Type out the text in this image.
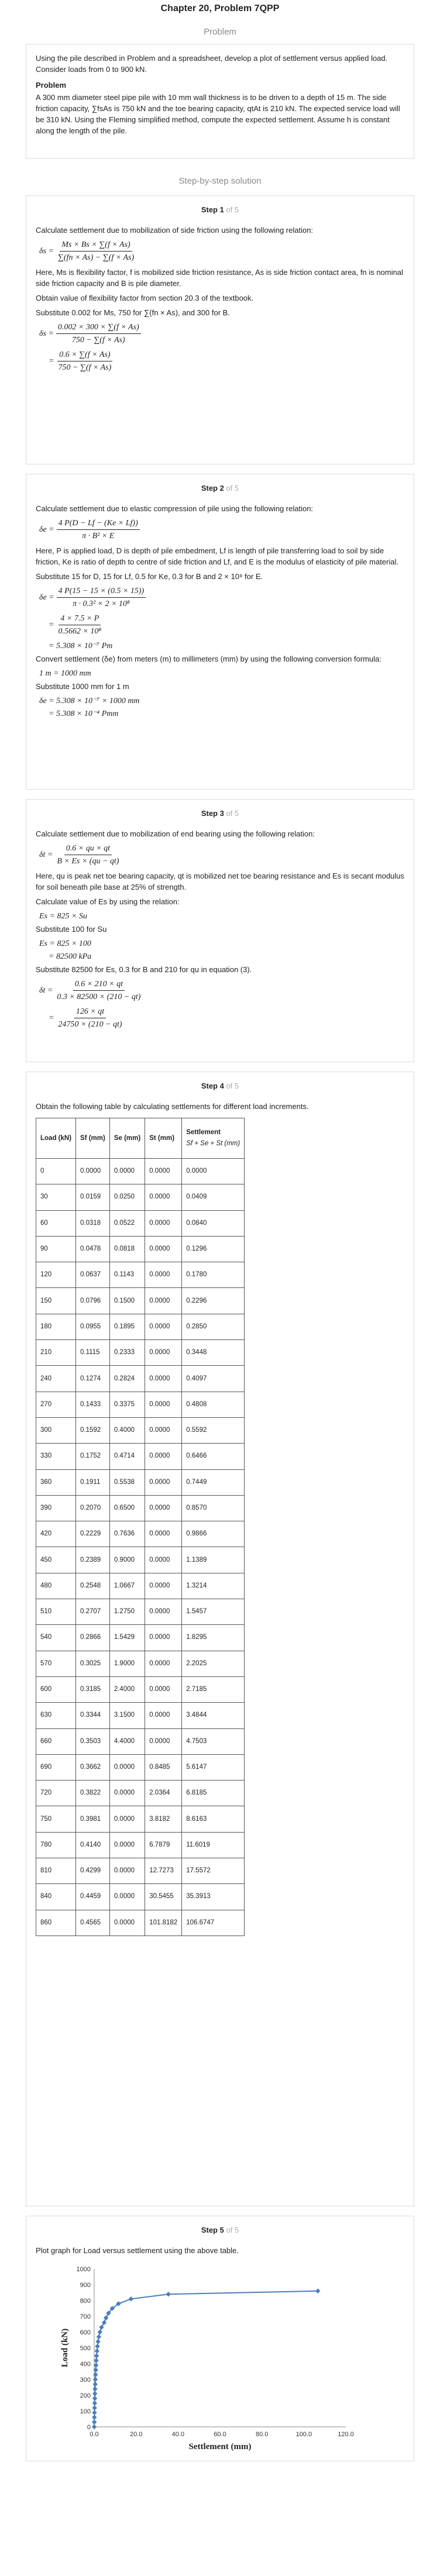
Chapter 20, Problem 7QPP
Problem

Using the pile described in Problem and a spreadsheet, develop a plot of settlement versus applied load. Consider loads from 0 to 900 kN.

Problem

A 300 mm diameter steel pipe pile with 10 mm wall thickness is to be driven to a depth of 15 m. The side friction capacity, ∑fsAs is 750 kN and the toe bearing capacity, qtAt is 210 kN. The expected service load will be 310 kN. Using the Fleming simplified method, compute the expected settlement. Assume h is constant along the length of the pile.

Step-by-step solution
Step 1 of 5

Calculate settlement due to mobilization of side friction using the following relation:

$\delta s = \frac{Ms \times Bs \times \sum(f \times As)}{\sum(fn \times As) - \sum(f \times As)}$

Here, Ms is flexibility factor, f is mobilized side friction resistance, As is side friction contact area, fn is nominal side friction capacity and B is pile diameter.

Obtain value of flexibility factor from section 20.3 of the textbook.

Substitute 0.002 for Ms, 750 for ∑(fn × As), and 300 for B.

$\delta s = \frac{0.002 \times 300 \times \sum(f \times As)}{750 - \sum(f \times As)}$
= $\frac{0.6 \times \sum(f \times As)}{750 - \sum(f \times As)}$
Step 2 of 5

Calculate settlement due to elastic compression of pile using the following relation:

$\delta e = \frac{4 P(D - Lf - (Ke \times Lf))}{\text{π · B² × E}}$

Here, P is applied load, D is depth of pile embedment, Lf is length of pile transferring load to soil by side friction, Ke is ratio of depth to centre of side friction and Lf, and E is the modulus of elasticity of pile material.

Substitute 15 for D, 15 for Lf, 0.5 for Ke, 0.3 for B and 2 × 10⁸ for E.

$\delta e = \frac{4 P(15 - 15 \times (0.5 \times 15))}{\text{π · 0.3² × 2 × 10⁸}}$
= $\frac{4 \times 7.5 \times P}{\text{0.5662 × 10⁸}}$
= 5.308 × 10⁻⁷ Pm

Convert settlement (δe) from meters (m) to millimeters (mm) by using the following conversion formula:

1 m = 1000 mm

Substitute 1000 mm for 1 m

δe = 5.308 × 10⁻⁷ × 1000 mm
= 5.308 × 10⁻⁴ Pmm
Step 3 of 5

Calculate settlement due to mobilization of end bearing using the following relation:

$\delta t = \frac{0.6 \times qu \times qt}{B \times Es \times (qu - qt)}$

Here, qu is peak net toe bearing capacity, qt is mobilized net toe bearing resistance and Es is secant modulus for soil beneath pile base at 25% of strength.

Calculate value of Es by using the relation:

Es = 825 × Su

Substitute 100 for Su

Es = 825 × 100
= 82500 kPa

Substitute 82500 for Es, 0.3 for B and 210 for qu in equation (3).

$\delta t = \frac{0.6 \times 210 \times qt}{0.3 \times 82500 \times (210 - qt)}$
= $\frac{126 \times qt}{24750 \times (210 - qt)}$
Step 4 of 5

Obtain the following table by calculating settlements for different load increments.

Load (kN)	Sf (mm)	Se (mm)	St (mm)	Settlement
Sf + Se + St (mm)
0	0.0000	0.0000	0.0000	0.0000
30	0.0159	0.0250	0.0000	0.0409
60	0.0318	0.0522	0.0000	0.0840
90	0.0478	0.0818	0.0000	0.1296
120	0.0637	0.1143	0.0000	0.1780
150	0.0796	0.1500	0.0000	0.2296
180	0.0955	0.1895	0.0000	0.2850
210	0.1115	0.2333	0.0000	0.3448
240	0.1274	0.2824	0.0000	0.4097
270	0.1433	0.3375	0.0000	0.4808
300	0.1592	0.4000	0.0000	0.5592
330	0.1752	0.4714	0.0000	0.6466
360	0.1911	0.5538	0.0000	0.7449
390	0.2070	0.6500	0.0000	0.8570
420	0.2229	0.7636	0.0000	0.9866
450	0.2389	0.9000	0.0000	1.1389
480	0.2548	1.0667	0.0000	1.3214
510	0.2707	1.2750	0.0000	1.5457
540	0.2866	1.5429	0.0000	1.8295
570	0.3025	1.9000	0.0000	2.2025
600	0.3185	2.4000	0.0000	2.7185
630	0.3344	3.1500	0.0000	3.4844
660	0.3503	4.4000	0.0000	4.7503
690	0.3662	0.0000	0.8485	5.6147
720	0.3822	0.0000	2.0364	6.8185
750	0.3981	0.0000	3.8182	8.6163
780	0.4140	0.0000	6.7879	11.6019
810	0.4299	0.0000	12.7273	17.5572
840	0.4459	0.0000	30.5455	35.3913
860	0.4565	0.0000	101.8182	106.6747
Step 5 of 5

Plot graph for Load versus settlement using the above table.

0
100
200
300
400
500
600
700
800
900
1000
0.0	20.0	40.0	60.0	80.0	100.0	120.0
Settlement (mm)
Load (kN)
